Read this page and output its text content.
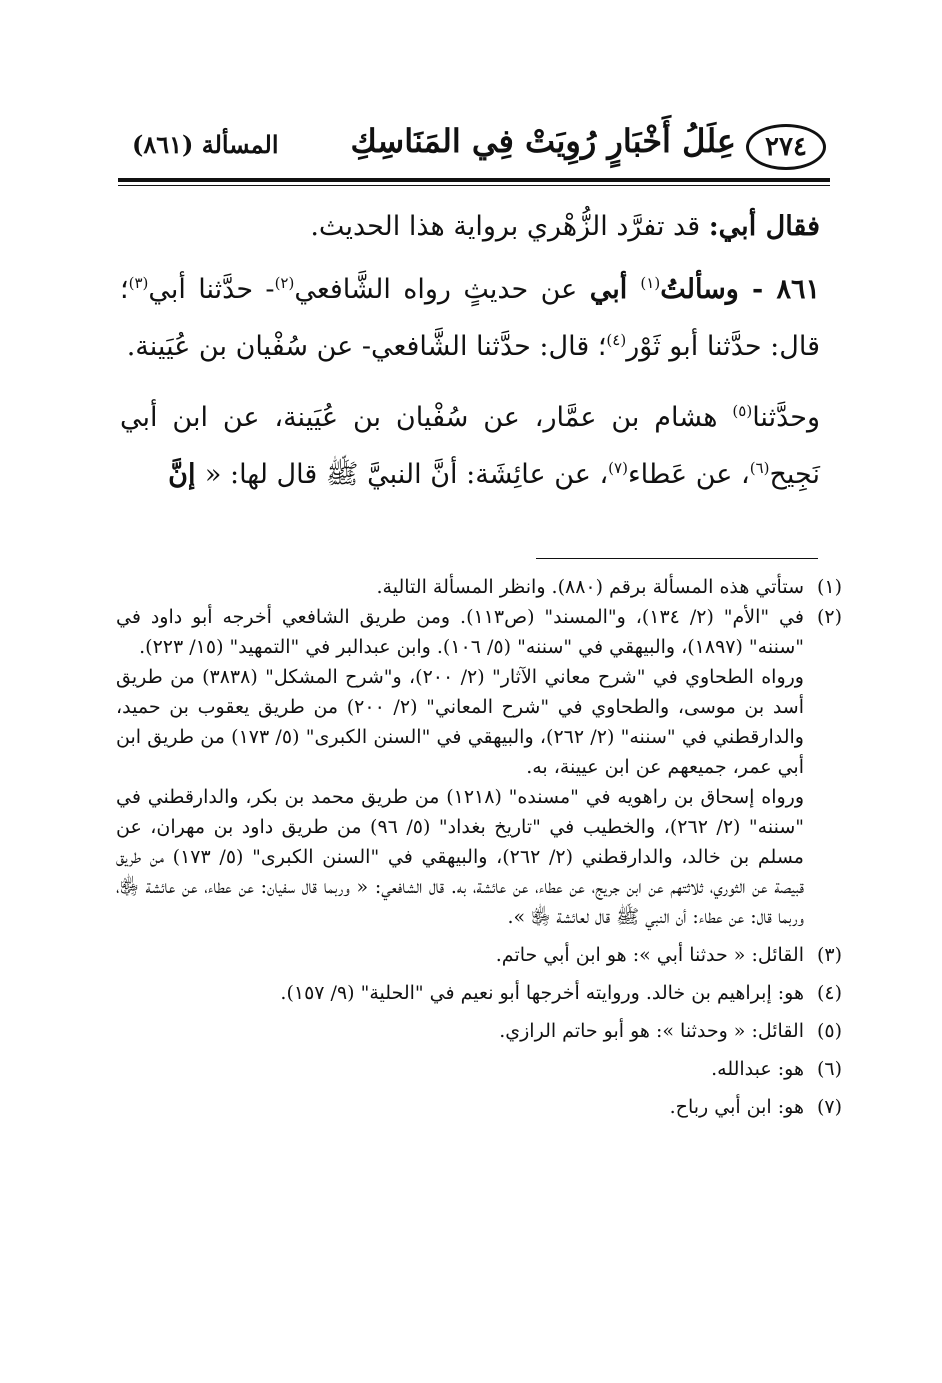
٢٧٤
عِلَلُ أَخْبَارٍ رُوِيَتْ فِي المَنَاسِكِ
المسألة (٨٦١)

فقال أبي: قد تفرَّد الزُّهْري برواية هذا الحديث.

٨٦١ - وسألتُ$^{(١)}$ أبي عن حديثٍ رواه الشَّافعي$^{(٢)}$- حدَّثنا أبي$^{(٣)}$؛ قال: حدَّثنا أبو ثَوْر$^{(٤)}$؛ قال: حدَّثنا الشَّافعي- عن سُفْيان بن عُيَينة.

وحدَّثنا$^{(٥)}$ هشام بن عمَّار، عن سُفْيان بن عُيَينة، عن ابن أبي نَجِيح$^{(٦)}$، عن عَطاء$^{(٧)}$، عن عائِشَة: أنَّ النبيَّ ﷺ قال لها: « إنَّ

(١)
ستأتي هذه المسألة برقم (٨٨٠). وانظر المسألة التالية.

(٢)
في "الأم" (٢/ ١٣٤)، و"المسند" (ص١١٣). ومن طريق الشافعي أخرجه أبو داود في "سننه" (١٨٩٧)، والبيهقي في "سننه" (٥/ ١٠٦). وابن عبدالبر في "التمهيد" (١٥/ ٢٢٣).

ورواه الطحاوي في "شرح معاني الآثار" (٢/ ٢٠٠)، و"شرح المشكل" (٣٨٣٨) من طريق أسد بن موسى، والطحاوي في "شرح المعاني" (٢/ ٢٠٠) من طريق يعقوب بن حميد، والدارقطني في "سننه" (٢/ ٢٦٢)، والبيهقي في "السنن الكبرى" (٥/ ١٧٣) من طريق ابن أبي عمر، جميعهم عن ابن عيينة، به.

ورواه إسحاق بن راهويه في "مسنده" (١٢١٨) من طريق محمد بن بكر، والدارقطني في "سننه" (٢/ ٢٦٢)، والخطيب في "تاريخ بغداد" (٥/ ٩٦) من طريق داود بن مهران، عن مسلم بن خالد، والدارقطني (٢/ ٢٦٢)، والبيهقي في "السنن الكبرى" (٥/ ١٧٣) من طريق قبيصة عن الثوري، ثلاثتهم عن ابن جريج، عن عطاء، عن عائشة، به. قال الشافعي: « وربما قال سفيان: عن عطاء، عن عائشة ﵂، وربما قال: عن عطاء: أن النبي ﷺ قال لعائشة ﵂ ».

(٣)
القائل: « حدثنا أبي »: هو ابن أبي حاتم.

(٤)
هو: إبراهيم بن خالد. وروايته أخرجها أبو نعيم في "الحلية" (٩/ ١٥٧).

(٥)
القائل: « وحدثنا »: هو أبو حاتم الرازي.

(٦)
هو: عبدالله.

(٧)
هو: ابن أبي رباح.
